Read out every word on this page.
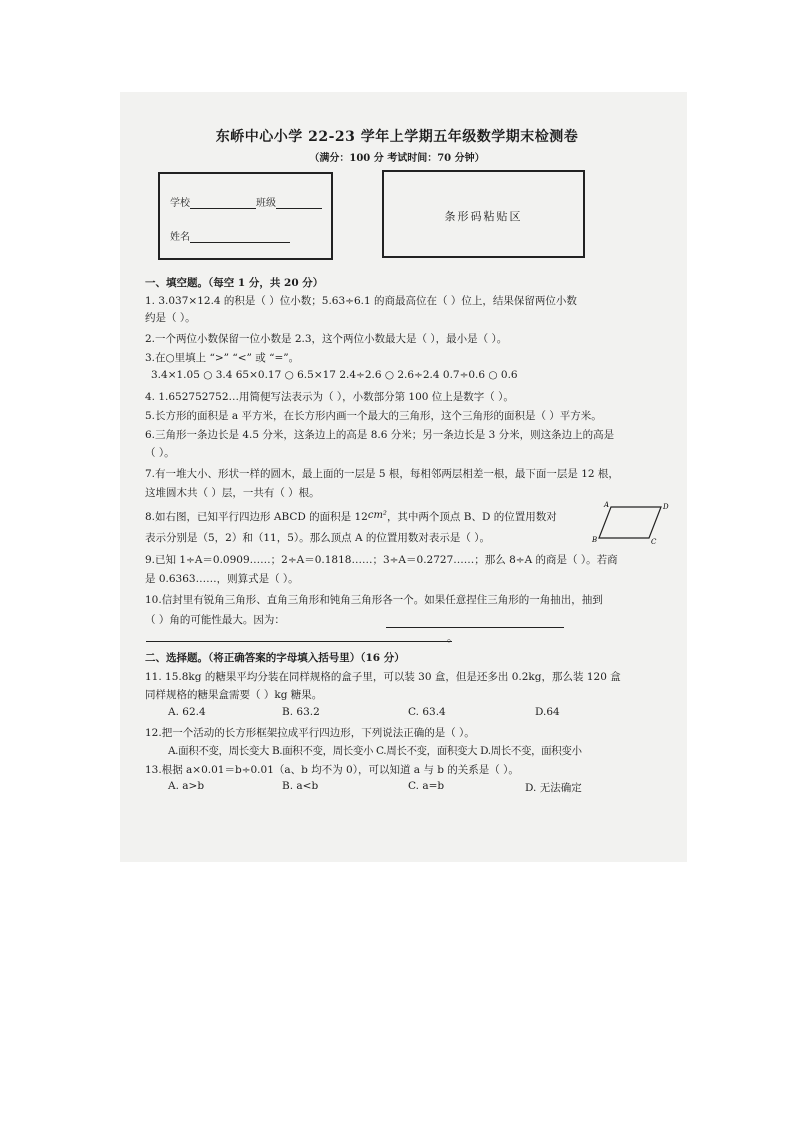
东峤中心小学 22-23 学年上学期五年级数学期末检测卷
（满分：100 分 考试时间：70 分钟）
学校	班级
姓名
条形码粘贴区
一、填空题。（每空 1 分，共 20 分）
1. 3.037×12.4 的积是（ ）位小数；5.63÷6.1 的商最高位在（ ）位上，结果保留两位小数
约是（ ）。
2.一个两位小数保留一位小数是 2.3，这个两位小数最大是（ ），最小是（ ）。
3.在○里填上 “>” “<” 或 “=”。
3.4×1.05 ○ 3.4 65×0.17 ○ 6.5×17 2.4÷2.6 ○ 2.6÷2.4 0.7÷0.6 ○ 0.6
4. 1.652752752…用简便写法表示为（ ），小数部分第 100 位上是数字（ ）。
5.长方形的面积是 a 平方米，在长方形内画一个最大的三角形，这个三角形的面积是（ ）平方米。
6.三角形一条边长是 4.5 分米，这条边上的高是 8.6 分米；另一条边长是 3 分米，则这条边上的高是
（ ）。
7.有一堆大小、形状一样的圆木，最上面的一层是 5 根，每相邻两层相差一根，最下面一层是 12 根，
这堆圆木共（ ）层，一共有（ ）根。
8.如右图，已知平行四边形 ABCD 的面积是 12cm²，其中两个顶点 B、D 的位置用数对
表示分别是（5，2）和（11，5）。那么顶点 A 的位置用数对表示是（ ）。
9.已知 1÷A＝0.0909……；2÷A＝0.1818……；3÷A＝0.2727……；那么 8÷A 的商是（ ）。若商
是 0.6363……，则算式是（ ）。
10.信封里有锐角三角形、直角三角形和钝角三角形各一个。如果任意捏住三角形的一角抽出，抽到
（ ）角的可能性最大。因为：
。
A	D
B	C
二、选择题。（将正确答案的字母填入括号里）（16 分）
11. 15.8kg 的糖果平均分装在同样规格的盒子里，可以装 30 盒，但是还多出 0.2kg，那么装 120 盒
同样规格的糖果盒需要（ ）kg 糖果。
A. 62.4	B. 63.2	C. 63.4	D.64
12.把一个活动的长方形框架拉成平行四边形，下列说法正确的是（ ）。
A.面积不变，周长变大 B.面积不变，周长变小 C.周长不变，面积变大 D.周长不变，面积变小
13.根据 a×0.01＝b÷0.01（a、b 均不为 0），可以知道 a 与 b 的关系是（ ）。
A. a>b	B. a<b	C. a=b	D. 无法确定
